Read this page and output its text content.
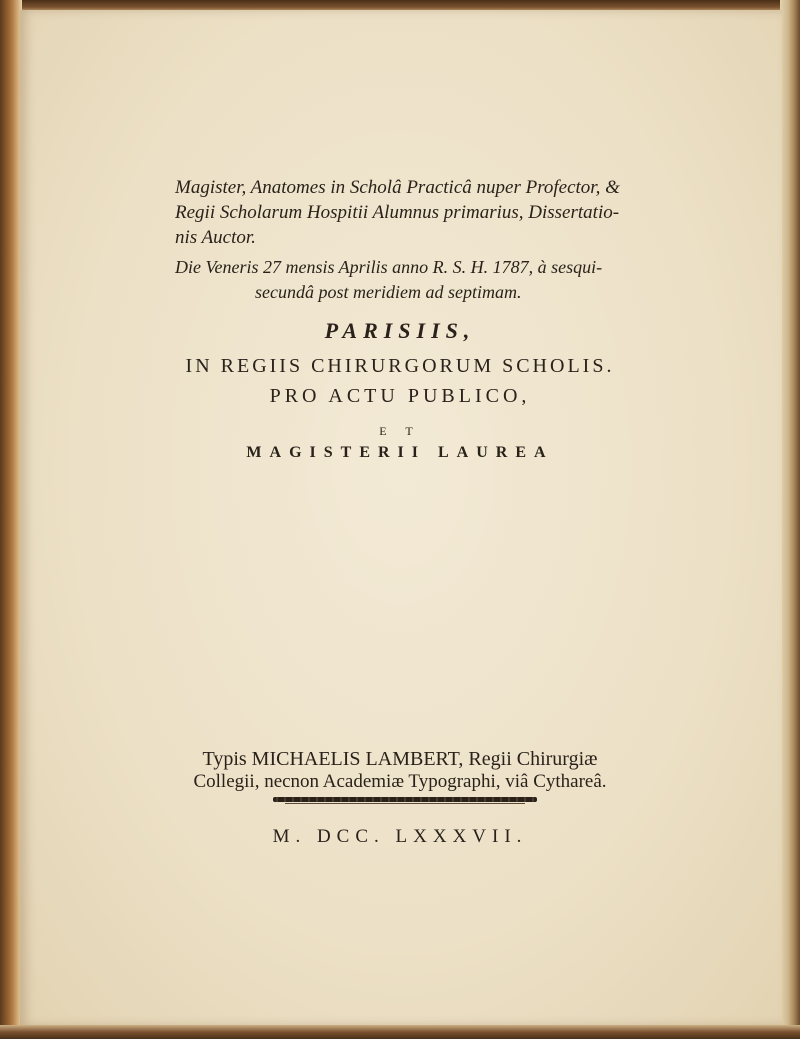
Magister, Anatomes in Scholâ Practicâ nuper Profector, &
Regii Scholarum Hospitii Alumnus primarius, Dissertatio-
nis Auctor.
Die Veneris 27 mensis Aprilis anno R. S. H. 1787, à sesqui-
secundâ post meridiem ad septimam.
PARISIIS,
IN REGIIS CHIRURGORUM SCHOLIS.
PRO ACTU PUBLICO,
E T
MAGISTERII LAUREA
Typis MICHAELIS LAMBERT, Regii Chirurgiæ
Collegii, necnon Academiæ Typographi, viâ Cythareâ.
M. DCC. LXXXVII.
